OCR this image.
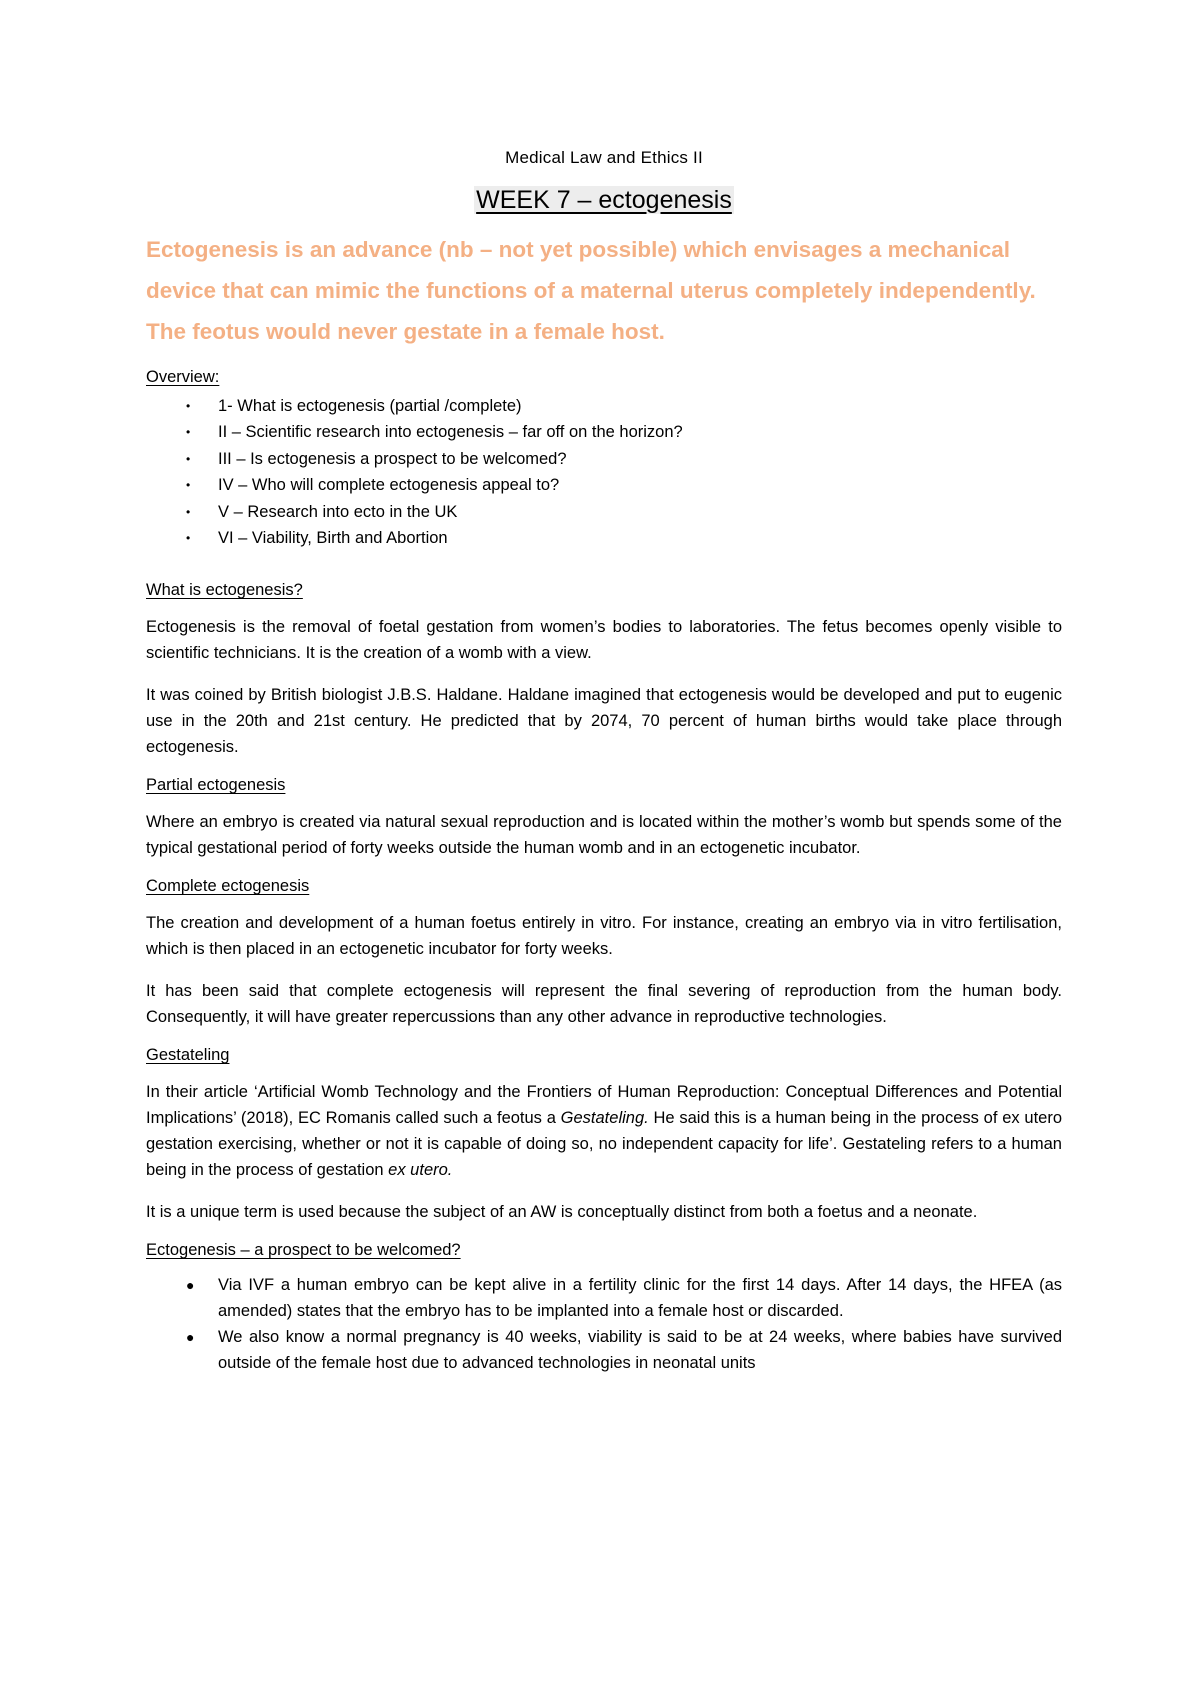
Medical Law and Ethics II
WEEK 7 – ectogenesis
Ectogenesis is an advance (nb – not yet possible) which envisages a mechanical device that can mimic the functions of a maternal uterus completely independently. The feotus would never gestate in a female host.
Overview:
• 1- What is ectogenesis (partial /complete)
• II – Scientific research into ectogenesis – far off on the horizon?
• III – Is ectogenesis a prospect to be welcomed?
• IV – Who will complete ectogenesis appeal to?
• V – Research into ecto in the UK
• VI – Viability, Birth and Abortion
What is ectogenesis?

Ectogenesis is the removal of foetal gestation from women’s bodies to laboratories. The fetus becomes openly visible to scientific technicians. It is the creation of a womb with a view.

It was coined by British biologist J.B.S. Haldane. Haldane imagined that ectogenesis would be developed and put to eugenic use in the 20th and 21st century. He predicted that by 2074, 70 percent of human births would take place through ectogenesis.

Partial ectogenesis

Where an embryo is created via natural sexual reproduction and is located within the mother’s womb but spends some of the typical gestational period of forty weeks outside the human womb and in an ectogenetic incubator.

Complete ectogenesis

The creation and development of a human foetus entirely in vitro. For instance, creating an embryo via in vitro fertilisation, which is then placed in an ectogenetic incubator for forty weeks.

It has been said that complete ectogenesis will represent the final severing of reproduction from the human body. Consequently, it will have greater repercussions than any other advance in reproductive technologies.

Gestateling

In their article ‘Artificial Womb Technology and the Frontiers of Human Reproduction: Conceptual Differences and Potential Implications’ (2018), EC Romanis called such a feotus a Gestateling. He said this is a human being in the process of ex utero gestation exercising, whether or not it is capable of doing so, no independent capacity for life’. Gestateling refers to a human being in the process of gestation ex utero.

It is a unique term is used because the subject of an AW is conceptually distinct from both a foetus and a neonate.

Ectogenesis – a prospect to be welcomed?
● Via IVF a human embryo can be kept alive in a fertility clinic for the first 14 days. After 14 days, the HFEA (as amended) states that the embryo has to be implanted into a female host or discarded.
● We also know a normal pregnancy is 40 weeks, viability is said to be at 24 weeks, where babies have survived outside of the female host due to advanced technologies in neonatal units
